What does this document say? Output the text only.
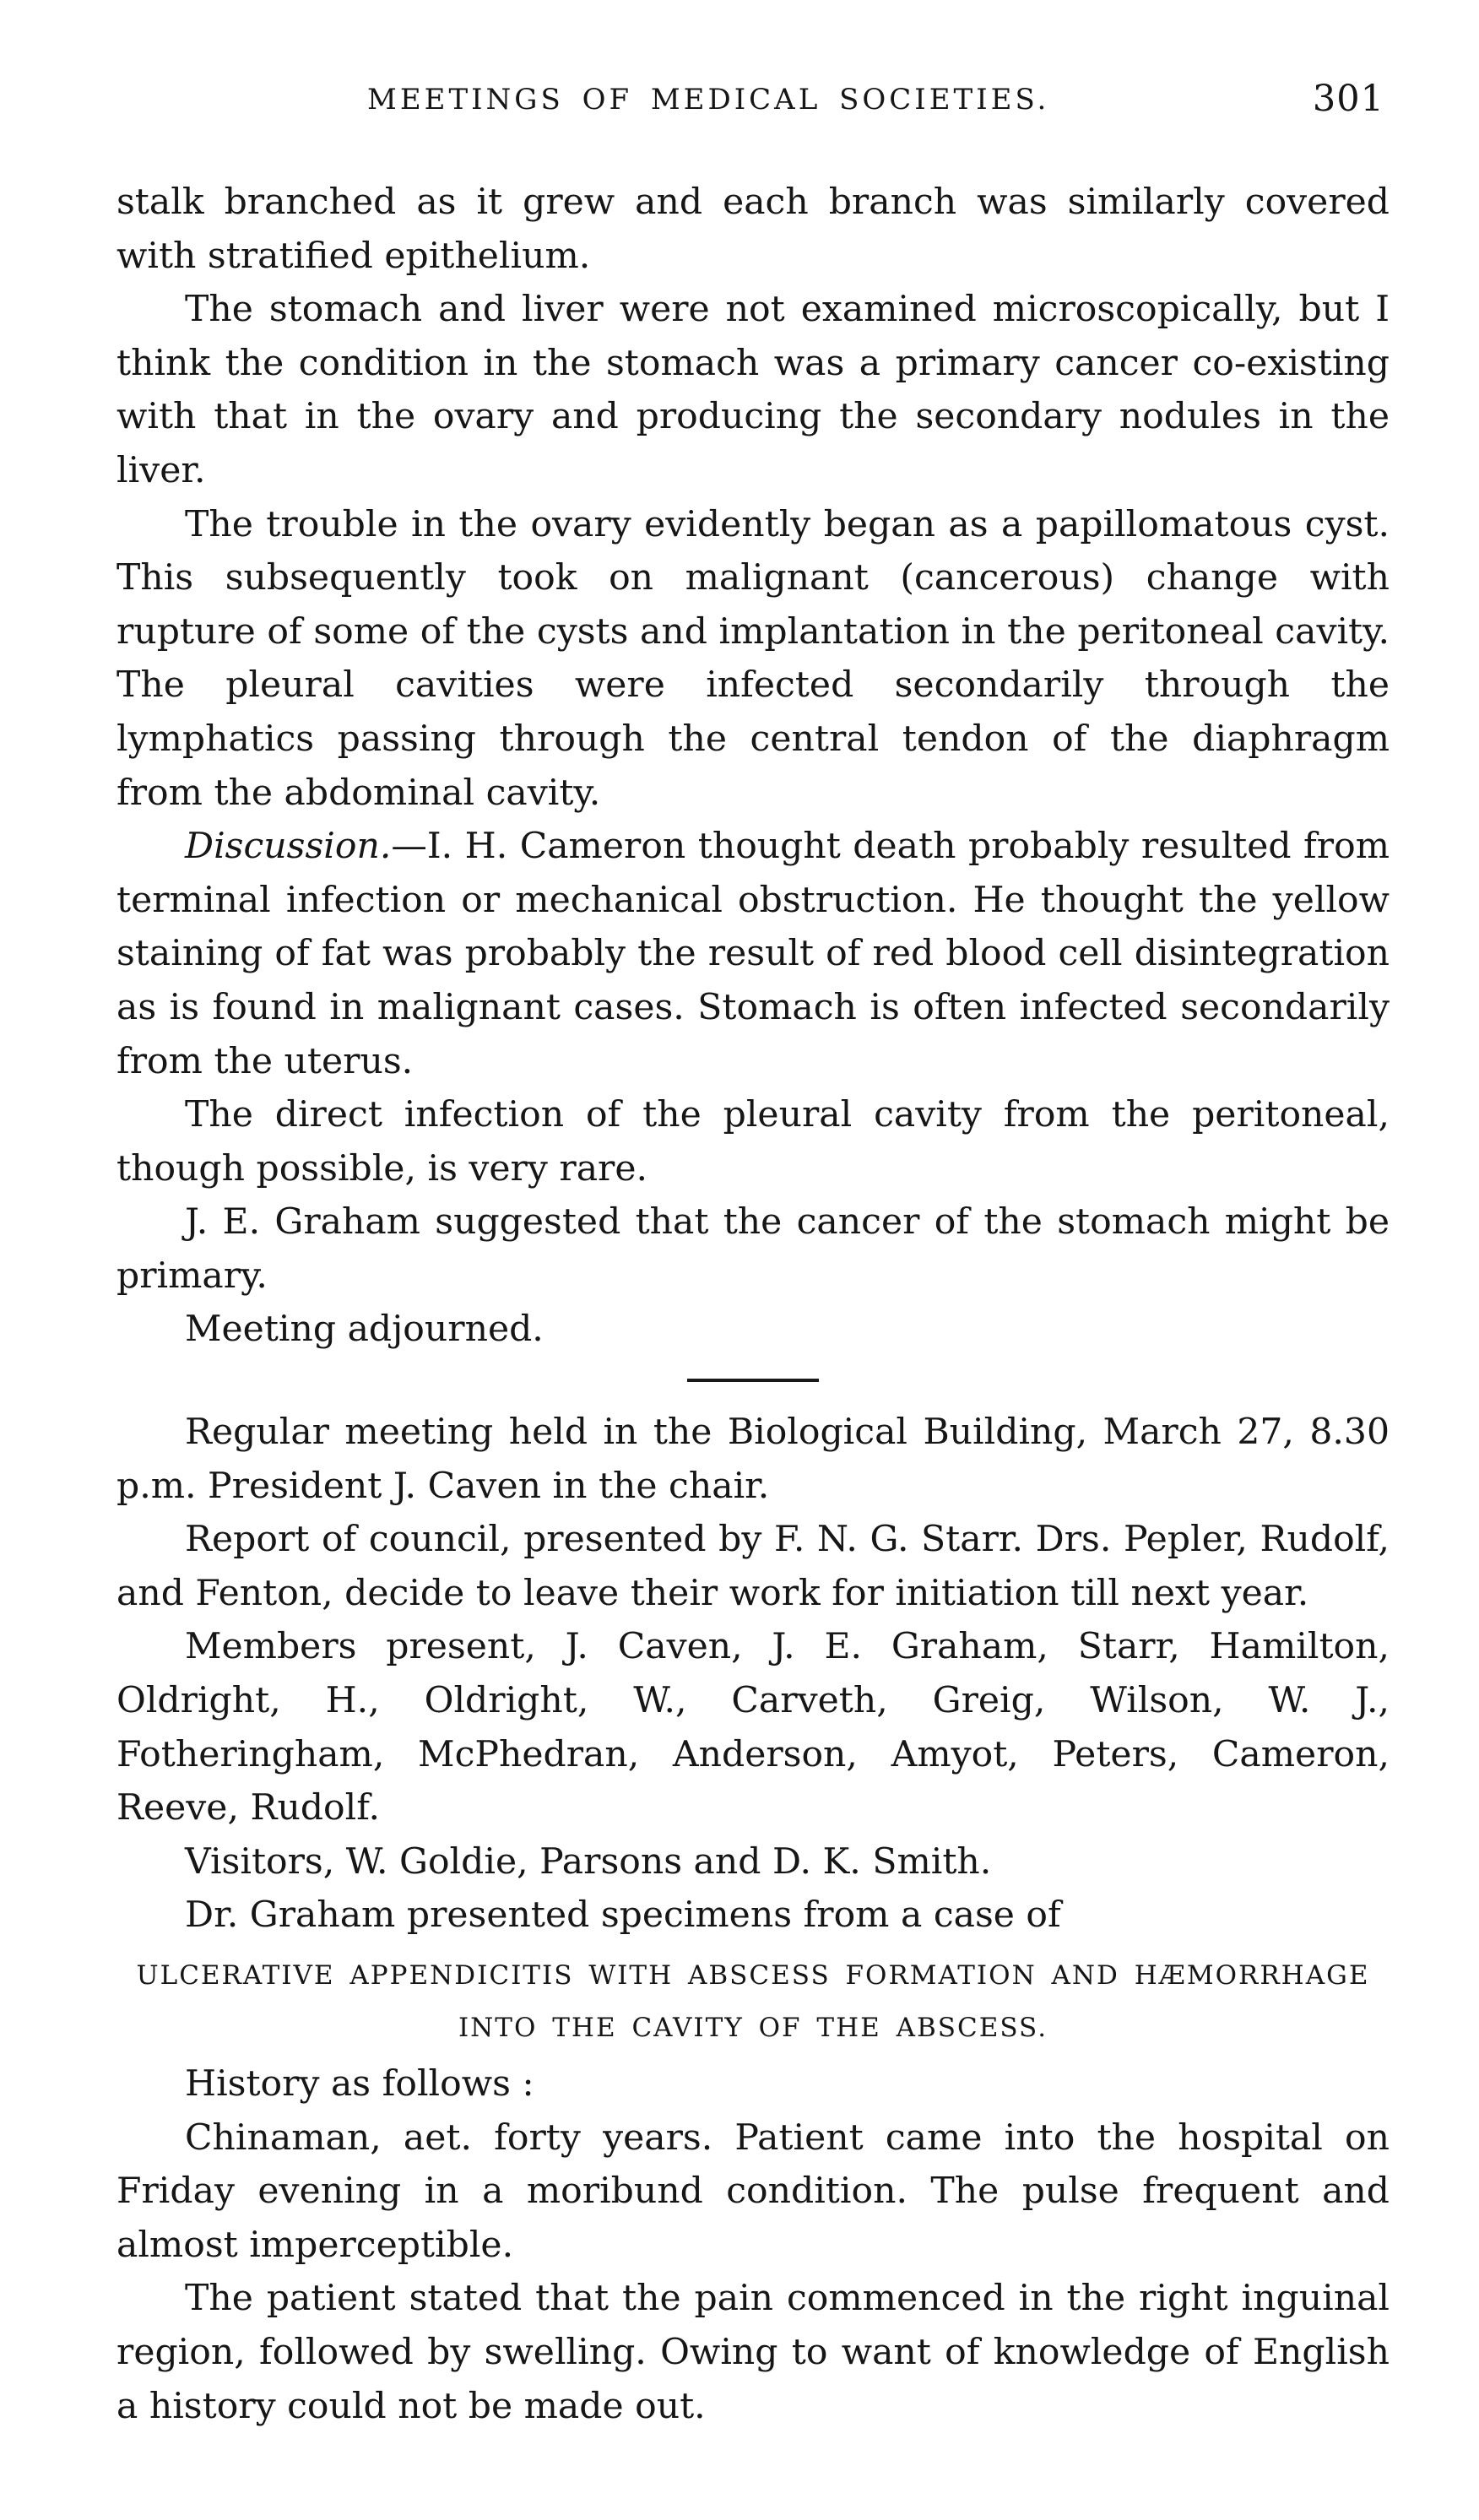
MEETINGS OF MEDICAL SOCIETIES.	301

stalk branched as it grew and each branch was similarly covered with stratified epithelium.

The stomach and liver were not examined microscopically, but I think the condition in the stomach was a primary cancer co-existing with that in the ovary and producing the secondary nodules in the liver.

The trouble in the ovary evidently began as a papillomatous cyst. This subsequently took on malignant (cancerous) change with rupture of some of the cysts and implantation in the peritoneal cavity. The pleural cavities were infected secondarily through the lymphatics passing through the central tendon of the diaphragm from the abdominal cavity.

Discussion.—I. H. Cameron thought death probably resulted from terminal infection or mechanical obstruction. He thought the yellow staining of fat was probably the result of red blood cell disintegration as is found in malignant cases. Stomach is often infected secondarily from the uterus.

The direct infection of the pleural cavity from the peritoneal, though possible, is very rare.

J. E. Graham suggested that the cancer of the stomach might be primary.

Meeting adjourned.

Regular meeting held in the Biological Building, March 27, 8.30 p.m. President J. Caven in the chair.

Report of council, presented by F. N. G. Starr. Drs. Pepler, Rudolf, and Fenton, decide to leave their work for initiation till next year.

Members present, J. Caven, J. E. Graham, Starr, Hamilton, Oldright, H., Oldright, W., Carveth, Greig, Wilson, W. J., Fotheringham, McPhedran, Anderson, Amyot, Peters, Cameron, Reeve, Rudolf.

Visitors, W. Goldie, Parsons and D. K. Smith.

Dr. Graham presented specimens from a case of

ULCERATIVE APPENDICITIS WITH ABSCESS FORMATION AND HÆMORRHAGE
INTO THE CAVITY OF THE ABSCESS.

History as follows :

Chinaman, aet. forty years. Patient came into the hospital on Friday evening in a moribund condition. The pulse frequent and almost imperceptible.

The patient stated that the pain commenced in the right inguinal region, followed by swelling. Owing to want of knowledge of English a history could not be made out.
